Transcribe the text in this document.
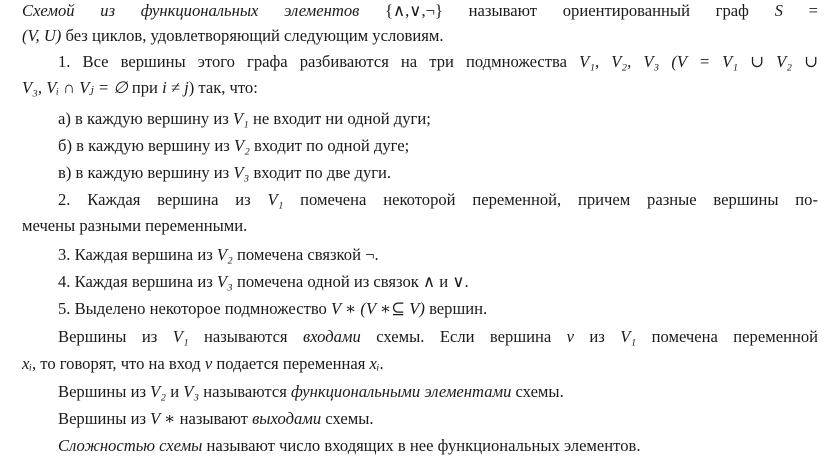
Схемой из функциональных элементов {∧,∨,¬} называют ориентированный граф S =
(V, U) без циклов, удовлетворяющий следующим условиям.
1. Все вершины этого графа разбиваются на три подмножества V₁, V₂, V₃ (V = V₁ ∪ V₂ ∪
V₃, Vᵢ ∩ Vⱼ = ∅ при i ≠ j) так, что:
а) в каждую вершину из V₁ не входит ни одной дуги;
б) в каждую вершину из V₂ входит по одной дуге;
в) в каждую вершину из V₃ входит по две дуги.
2. Каждая вершина из V₁ помечена некоторой переменной, причем разные вершины по-
мечены разными переменными.
3. Каждая вершина из V₂ помечена связкой ¬.
4. Каждая вершина из V₃ помечена одной из связок ∧ и ∨.
5. Выделено некоторое подмножество V ∗ (V ∗⊆ V) вершин.
Вершины из V₁ называются входами схемы. Если вершина v из V₁ помечена переменной
xᵢ, то говорят, что на вход v подается переменная xᵢ.
Вершины из V₂ и V₃ называются функциональными элементами схемы.
Вершины из V ∗ называют выходами схемы.
Сложностью схемы называют число входящих в нее функциональных элементов.
